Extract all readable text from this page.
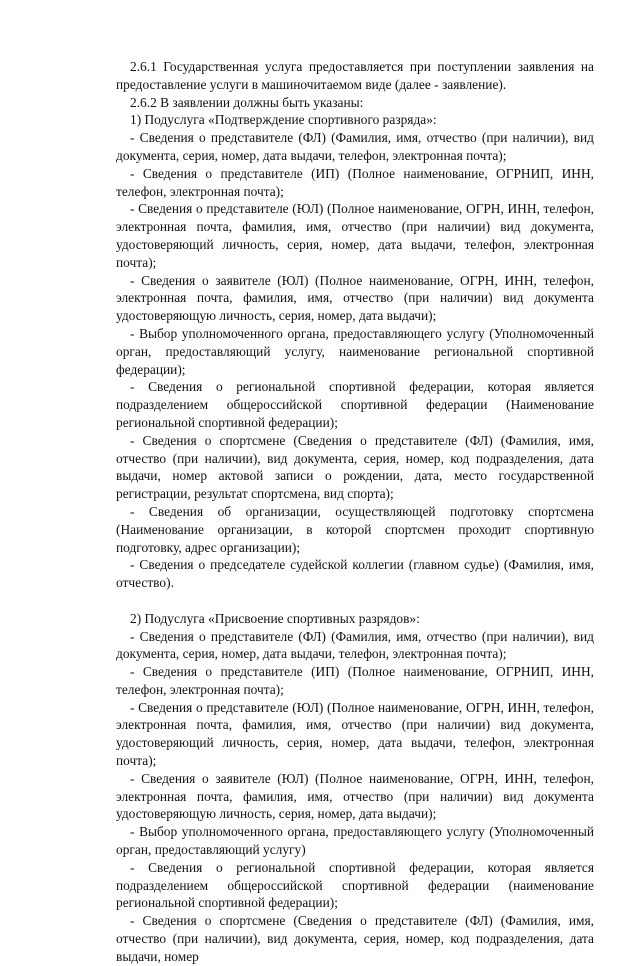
2.6.1 Государственная услуга предоставляется при поступлении заявления на предоставление услуги в машиночитаемом виде (далее - заявление).

2.6.2 В заявлении должны быть указаны:

1) Подуслуга «Подтверждение спортивного разряда»:

- Сведения о представителе (ФЛ) (Фамилия, имя, отчество (при наличии), вид документа, серия, номер, дата выдачи, телефон, электронная почта);

- Сведения о представителе (ИП) (Полное наименование, ОГРНИП, ИНН, телефон, электронная почта);

- Сведения о представителе (ЮЛ) (Полное наименование, ОГРН, ИНН, телефон, электронная почта, фамилия, имя, отчество (при наличии) вид документа, удостоверяющий личность, серия, номер, дата выдачи, телефон, электронная почта);

- Сведения о заявителе (ЮЛ) (Полное наименование, ОГРН, ИНН, телефон, электронная почта, фамилия, имя, отчество (при наличии) вид документа удостоверяющую личность, серия, номер, дата выдачи);

- Выбор уполномоченного органа, предоставляющего услугу (Уполномоченный орган, предоставляющий услугу, наименование региональной спортивной федерации);

- Сведения о региональной спортивной федерации, которая является подразделением общероссийской спортивной федерации (Наименование региональной спортивной федерации);

- Сведения о спортсмене (Сведения о представителе (ФЛ) (Фамилия, имя, отчество (при наличии), вид документа, серия, номер, код подразделения, дата выдачи, номер актовой записи о рождении, дата, место государственной регистрации, результат спортсмена, вид спорта);

- Сведения об организации, осуществляющей подготовку спортсмена (Наименование организации, в которой спортсмен проходит спортивную подготовку, адрес организации);

- Сведения о председателе судейской коллегии (главном судье) (Фамилия, имя, отчество).

2) Подуслуга «Присвоение спортивных разрядов»:

- Сведения о представителе (ФЛ) (Фамилия, имя, отчество (при наличии), вид документа, серия, номер, дата выдачи, телефон, электронная почта);

- Сведения о представителе (ИП) (Полное наименование, ОГРНИП, ИНН, телефон, электронная почта);

- Сведения о представителе (ЮЛ) (Полное наименование, ОГРН, ИНН, телефон, электронная почта, фамилия, имя, отчество (при наличии) вид документа, удостоверяющий личность, серия, номер, дата выдачи, телефон, электронная почта);

- Сведения о заявителе (ЮЛ) (Полное наименование, ОГРН, ИНН, телефон, электронная почта, фамилия, имя, отчество (при наличии) вид документа удостоверяющую личность, серия, номер, дата выдачи);

- Выбор уполномоченного органа, предоставляющего услугу (Уполномоченный орган, предоставляющий услугу)

- Сведения о региональной спортивной федерации, которая является подразделением общероссийской спортивной федерации (наименование региональной спортивной федерации);

- Сведения о спортсмене (Сведения о представителе (ФЛ) (Фамилия, имя, отчество (при наличии), вид документа, серия, номер, код подразделения, дата выдачи, номер
